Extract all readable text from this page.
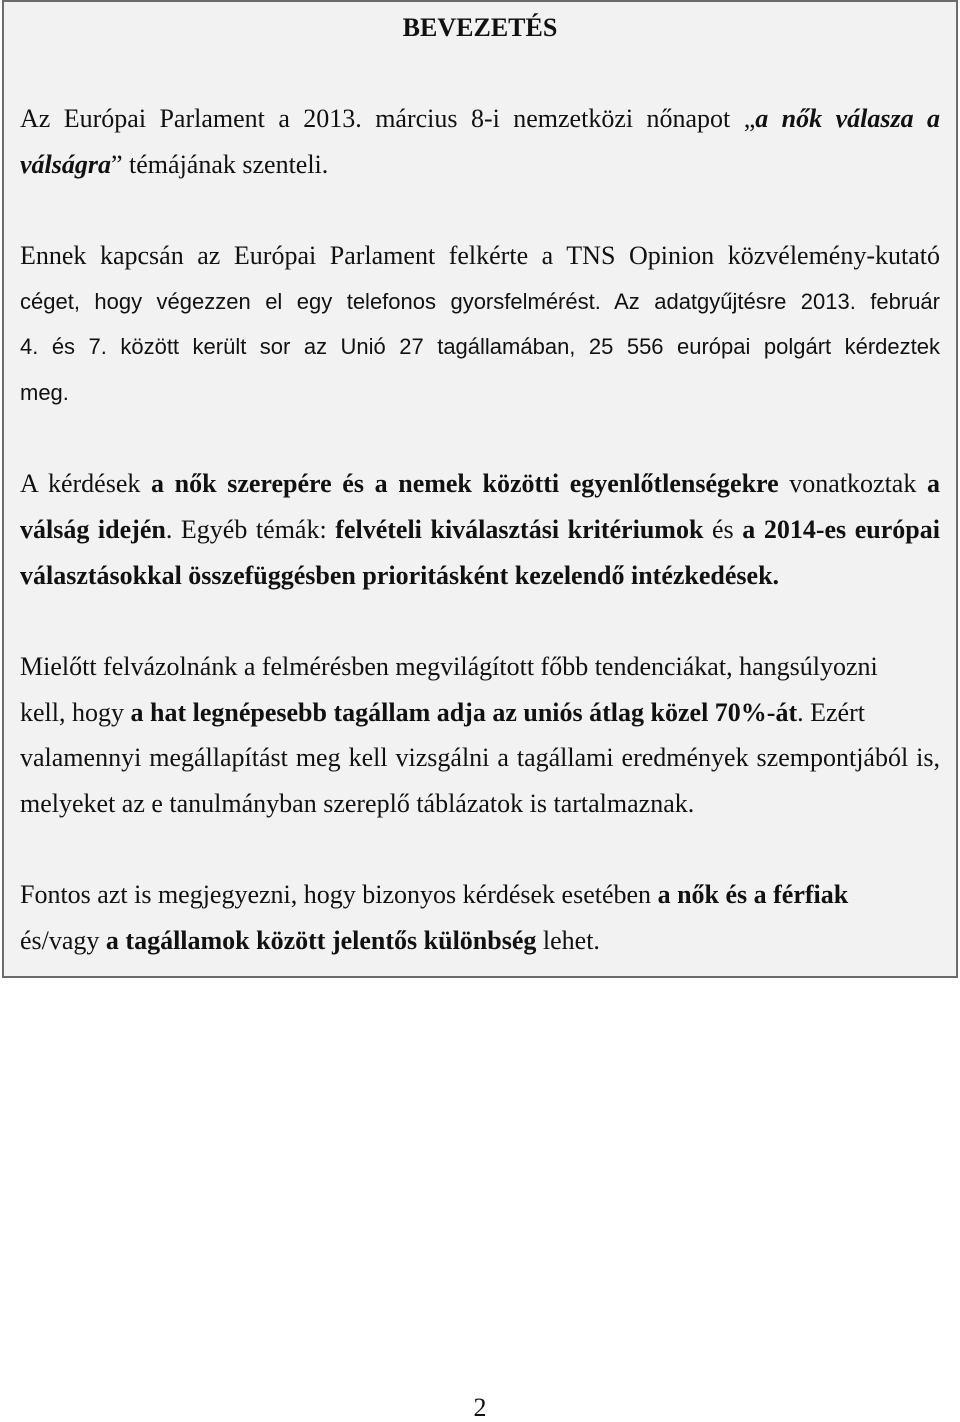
BEVEZETÉS
Az Európai Parlament a 2013. március 8-i nemzetközi nőnapot „a nők válasza a
válságra” témájának szenteli.
Ennek kapcsán az Európai Parlament felkérte a TNS Opinion közvélemény-kutató
céget, hogy végezzen el egy telefonos gyorsfelmérést. Az adatgyűjtésre 2013. február
4. és 7. között került sor az Unió 27 tagállamában, 25 556 európai polgárt kérdeztek
meg.
A kérdések a nők szerepére és a nemek közötti egyenlőtlenségekre vonatkoztak a
válság idején. Egyéb témák: felvételi kiválasztási kritériumok és a 2014-es európai
választásokkal összefüggésben prioritásként kezelendő intézkedések.
Mielőtt felvázolnánk a felmérésben megvilágított főbb tendenciákat, hangsúlyozni
kell, hogy a hat legnépesebb tagállam adja az uniós átlag közel 70%-át. Ezért
valamennyi megállapítást meg kell vizsgálni a tagállami eredmények szempontjából is,
melyeket az e tanulmányban szereplő táblázatok is tartalmaznak.
Fontos azt is megjegyezni, hogy bizonyos kérdések esetében a nők és a férfiak
és/vagy a tagállamok között jelentős különbség lehet.
2
